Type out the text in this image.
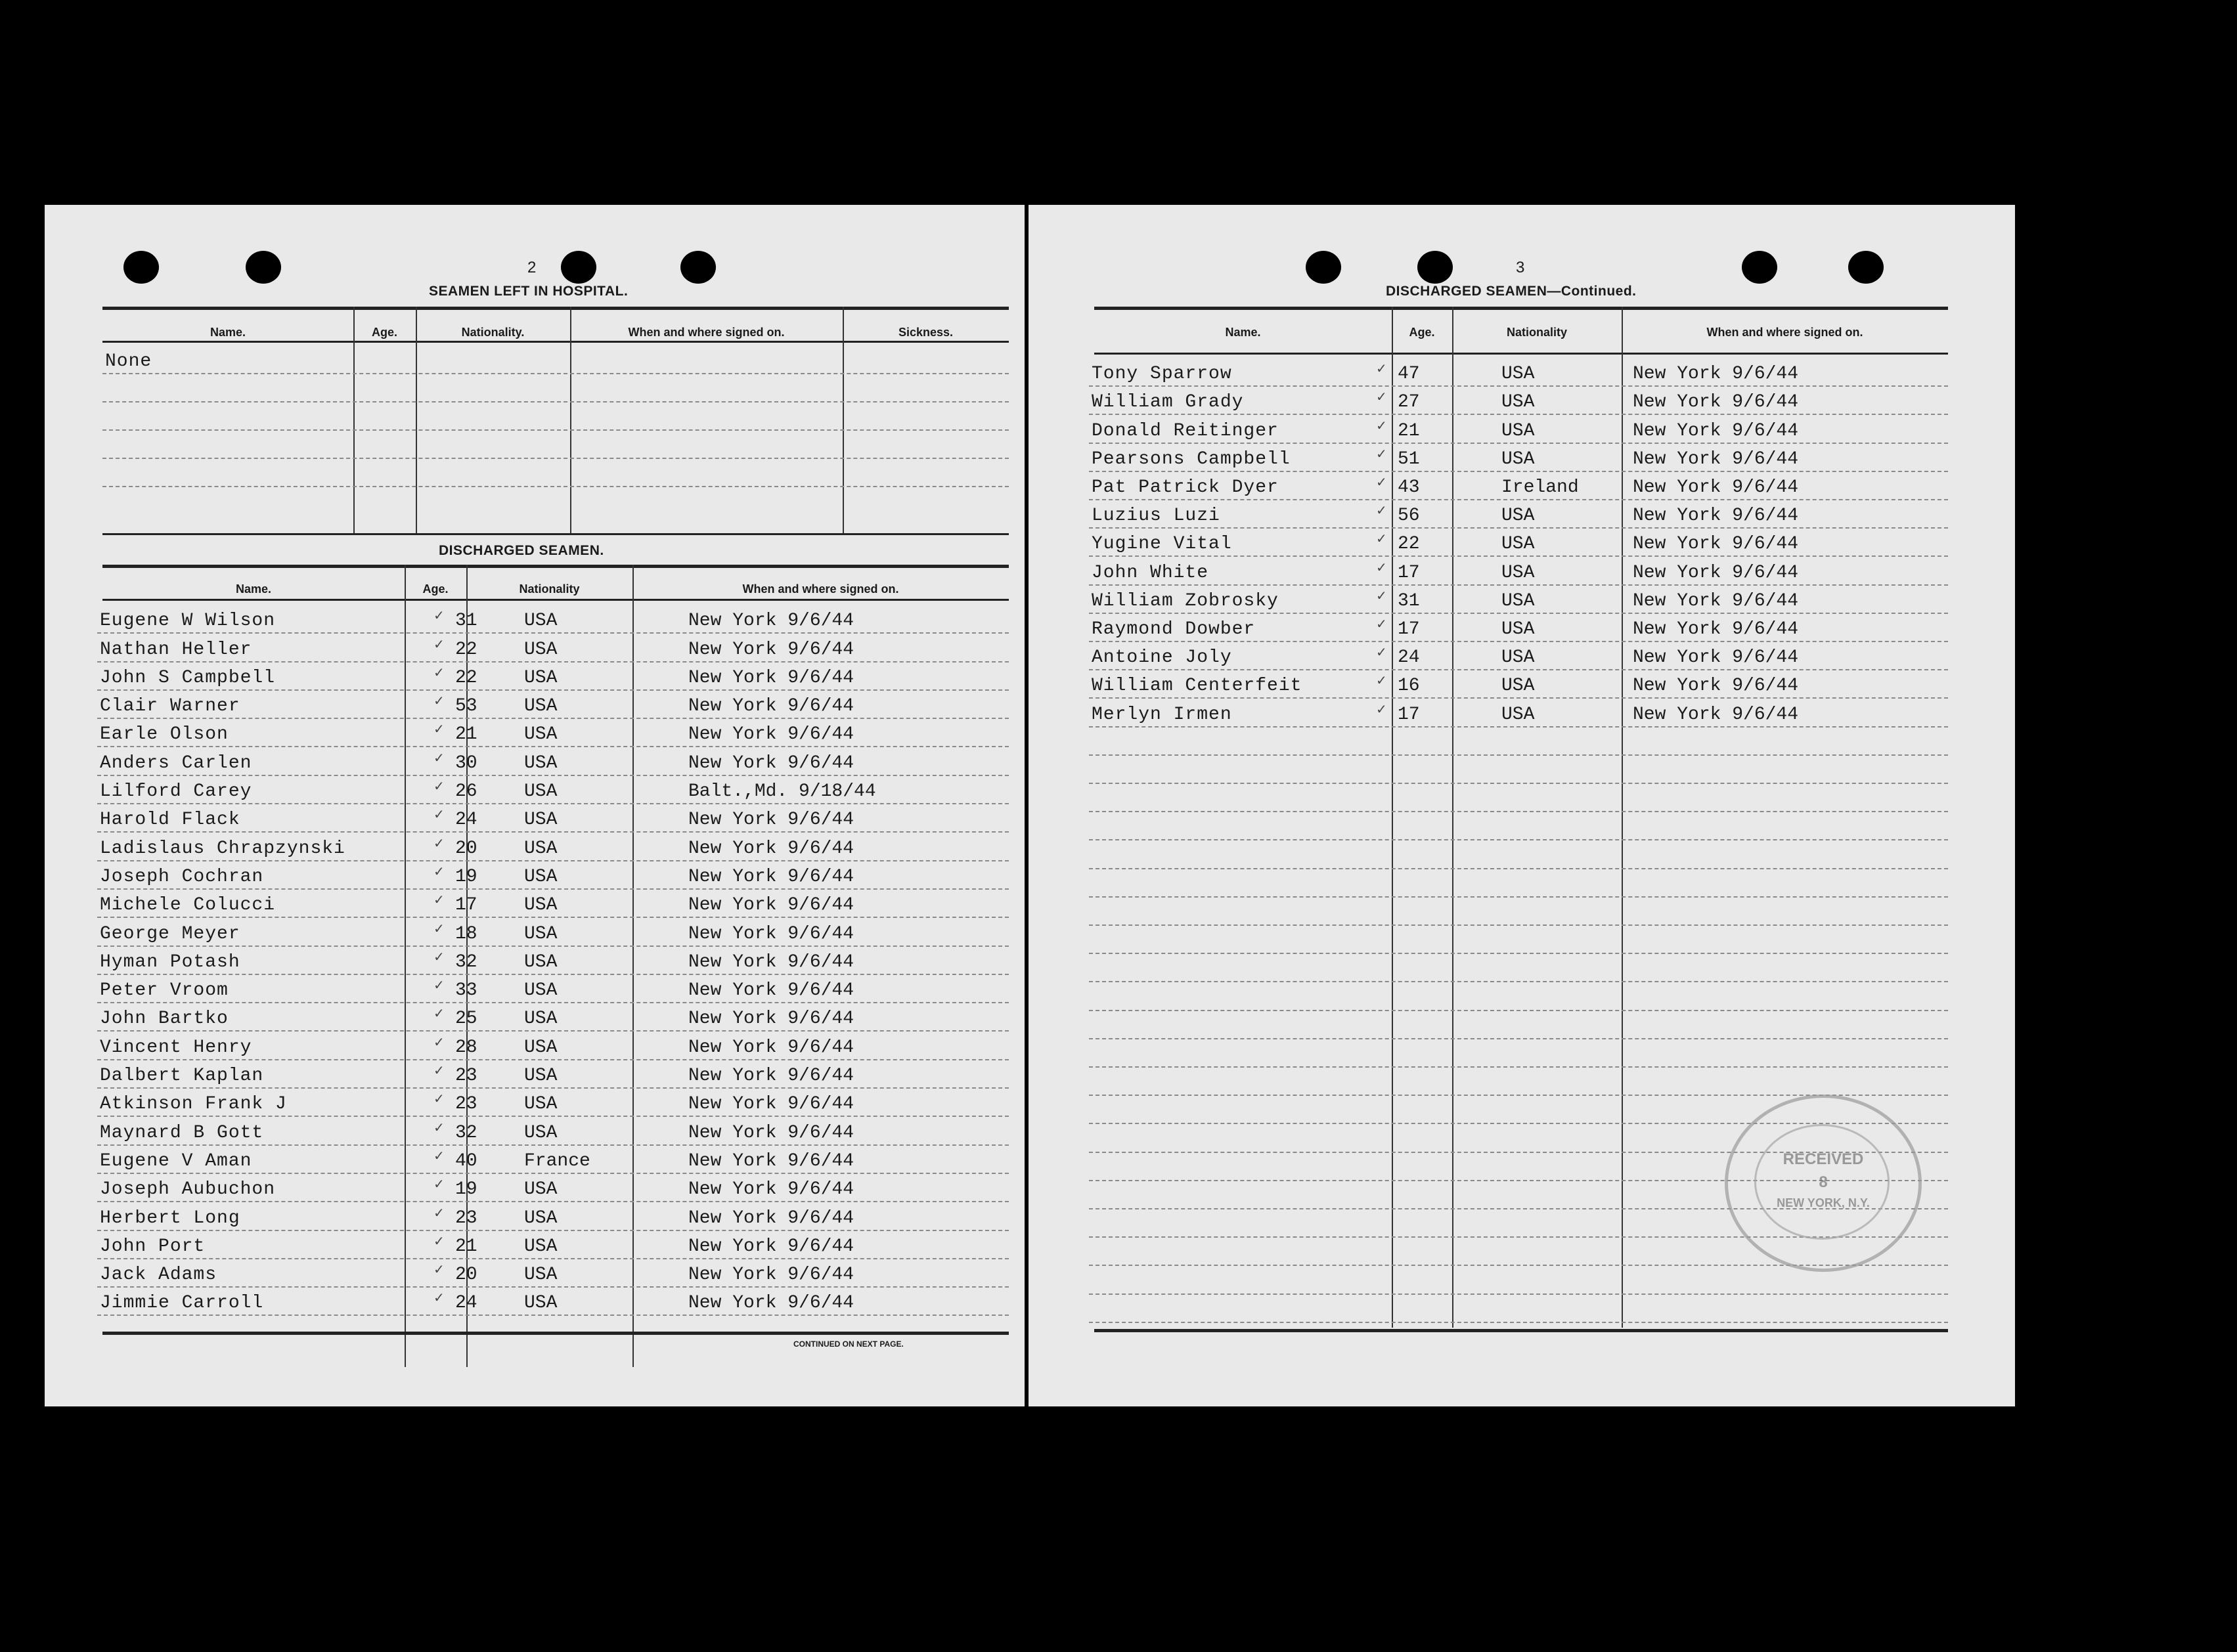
2
SEAMEN LEFT IN HOSPITAL.
Name.	Age.	Nationality.	When and where signed on.	Sickness.
None
DISCHARGED SEAMEN.
Name.	Age.	Nationality	When and where signed on.
Eugene W Wilson	✓ 31	USA	New York 9/6/44
Nathan Heller	✓ 22	USA	New York 9/6/44
John S Campbell	✓ 22	USA	New York 9/6/44
Clair Warner	✓ 53	USA	New York 9/6/44
Earle Olson	✓ 21	USA	New York 9/6/44
Anders Carlen	✓ 30	USA	New York 9/6/44
Lilford Carey	✓ 26	USA	Balt.,Md. 9/18/44
Harold Flack	✓ 24	USA	New York 9/6/44
Ladislaus Chrapzynski	✓ 20	USA	New York 9/6/44
Joseph Cochran	✓ 19	USA	New York 9/6/44
Michele Colucci	✓ 17	USA	New York 9/6/44
George Meyer	✓ 18	USA	New York 9/6/44
Hyman Potash	✓ 32	USA	New York 9/6/44
Peter Vroom	✓ 33	USA	New York 9/6/44
John Bartko	✓ 25	USA	New York 9/6/44
Vincent Henry	✓ 28	USA	New York 9/6/44
Dalbert Kaplan	✓ 23	USA	New York 9/6/44
Atkinson Frank J	✓ 23	USA	New York 9/6/44
Maynard B Gott	✓ 32	USA	New York 9/6/44
Eugene V Aman	✓ 40	France	New York 9/6/44
Joseph Aubuchon	✓ 19	USA	New York 9/6/44
Herbert Long	✓ 23	USA	New York 9/6/44
John Port	✓ 21	USA	New York 9/6/44
Jack Adams	✓ 20	USA	New York 9/6/44
Jimmie Carroll	✓ 24	USA	New York 9/6/44
CONTINUED ON NEXT PAGE.
3
DISCHARGED SEAMEN—Continued.
Name.	Age.	Nationality	When and where signed on.
Tony Sparrow	✓ 47	USA	New York 9/6/44
William Grady	✓ 27	USA	New York 9/6/44
Donald Reitinger	✓ 21	USA	New York 9/6/44
Pearsons Campbell	✓ 51	USA	New York 9/6/44
Pat Patrick Dyer	✓ 43	Ireland	New York 9/6/44
Luzius Luzi	✓ 56	USA	New York 9/6/44
Yugine Vital	✓ 22	USA	New York 9/6/44
John White	✓ 17	USA	New York 9/6/44
William Zobrosky	✓ 31	USA	New York 9/6/44
Raymond Dowber	✓ 17	USA	New York 9/6/44
Antoine Joly	✓ 24	USA	New York 9/6/44
William Centerfeit	✓ 16	USA	New York 9/6/44
Merlyn Irmen	✓ 17	USA	New York 9/6/44
RECEIVED
8
NEW YORK, N.Y.
